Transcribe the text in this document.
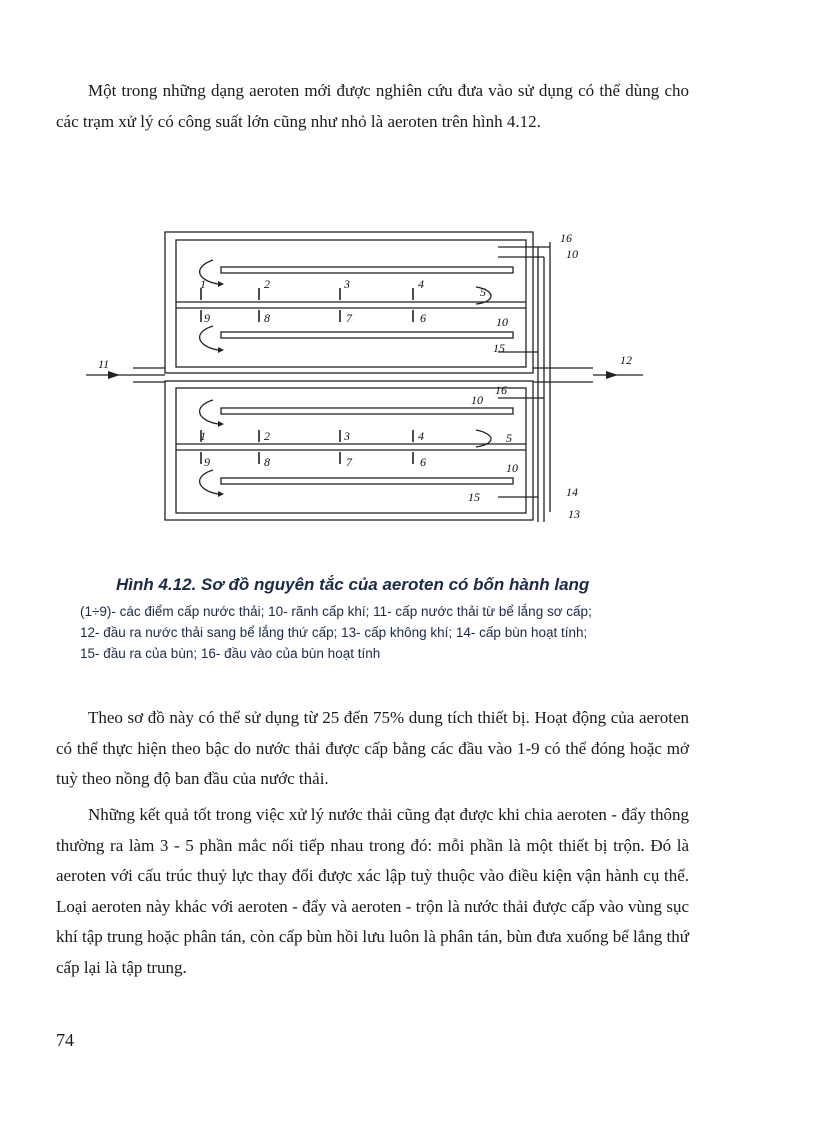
Một trong những dạng aeroten mới được nghiên cứu đưa vào sử dụng có thể dùng cho các trạm xử lý có công suất lớn cũng như nhỏ là aeroten trên hình 4.12.

1	2	3	4
5
6
7
8
9	10
15
16
10
11	12
16
10
1	2	3	4	5
6
7
8
9	10
15	14
13
Hình 4.12. Sơ đồ nguyên tắc của aeroten có bốn hành lang
(1÷9)- các điểm cấp nước thải; 10- rãnh cấp khí; 11- cấp nước thải từ bể lắng sơ cấp;
12- đầu ra nước thải sang bể lắng thứ cấp; 13- cấp không khí; 14- cấp bùn hoạt tính;
15- đầu ra của bùn; 16- đầu vào của bùn hoạt tính

Theo sơ đồ này có thể sử dụng từ 25 đến 75% dung tích thiết bị. Hoạt động của aeroten có thể thực hiện theo bậc do nước thải được cấp bằng các đầu vào 1-9 có thể đóng hoặc mở tuỳ theo nồng độ ban đầu của nước thải.

Những kết quả tốt trong việc xử lý nước thải cũng đạt được khi chia aeroten - đẩy thông thường ra làm 3 - 5 phần mắc nối tiếp nhau trong đó: mỗi phần là một thiết bị trộn. Đó là aeroten với cấu trúc thuỷ lực thay đổi được xác lập tuỳ thuộc vào điều kiện vận hành cụ thể. Loại aeroten này khác với aeroten - đẩy và aeroten - trộn là nước thải được cấp vào vùng sục khí tập trung hoặc phân tán, còn cấp bùn hồi lưu luôn là phân tán, bùn đưa xuống bể lắng thứ cấp lại là tập trung.

74
